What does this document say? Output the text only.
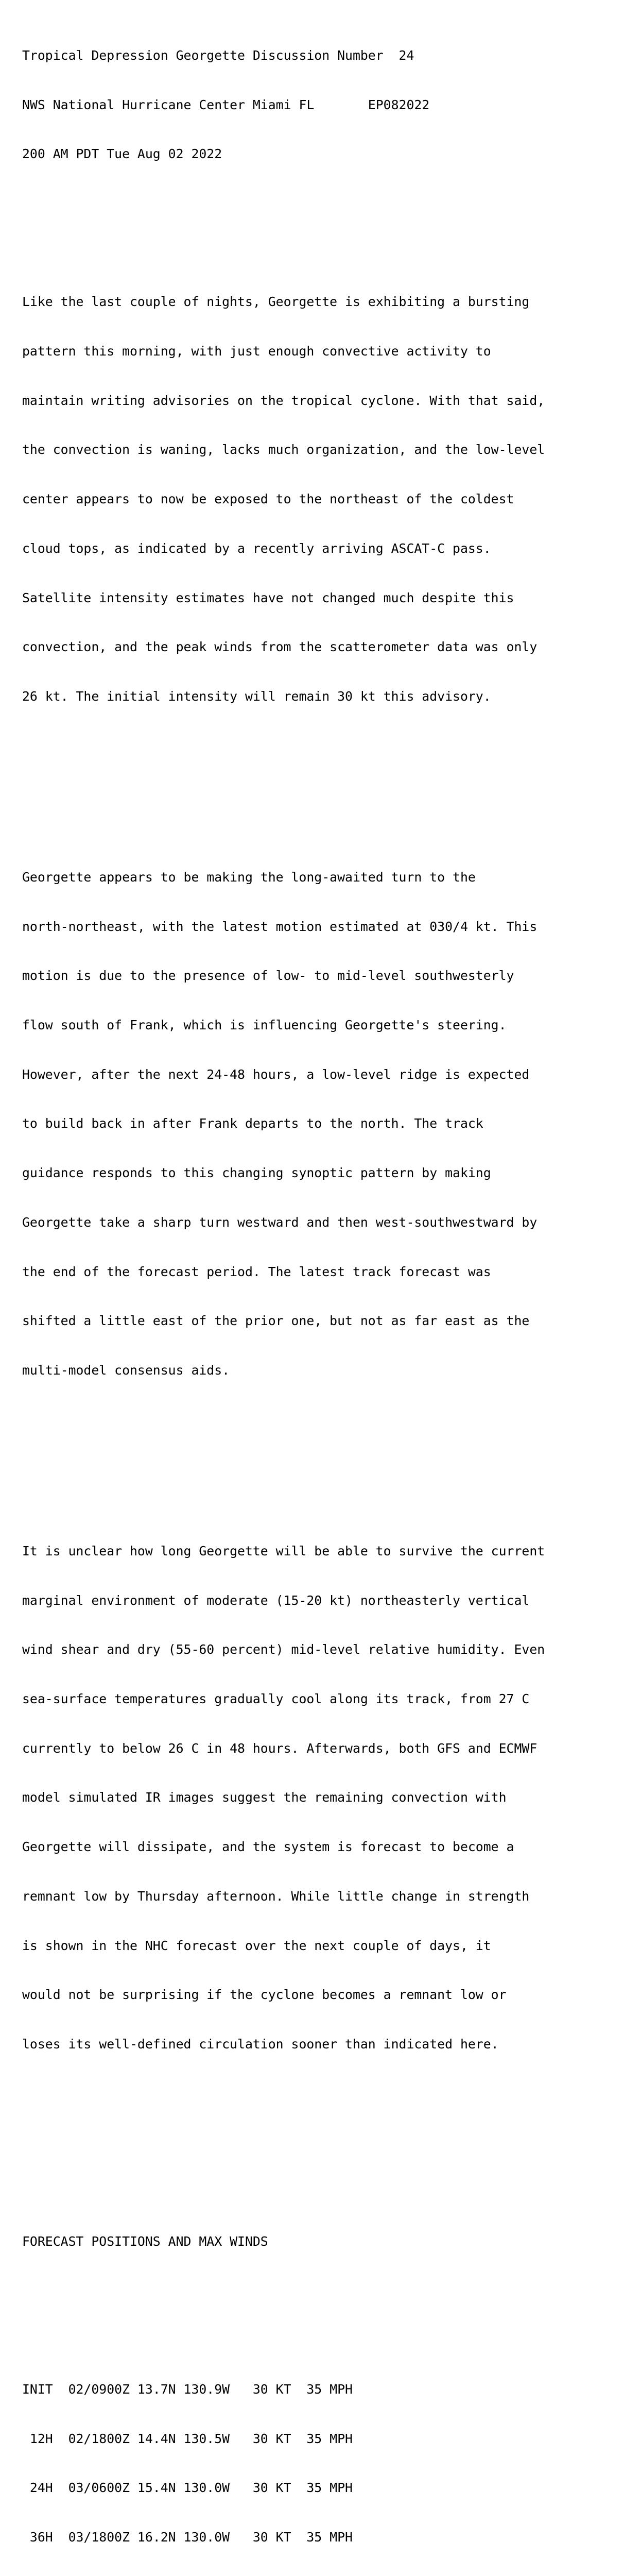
Tropical Depression Georgette Discussion Number  24

NWS National Hurricane Center Miami FL       EP082022

200 AM PDT Tue Aug 02 2022

Like the last couple of nights, Georgette is exhibiting a bursting

pattern this morning, with just enough convective activity to

maintain writing advisories on the tropical cyclone. With that said,

the convection is waning, lacks much organization, and the low-level

center appears to now be exposed to the northeast of the coldest

cloud tops, as indicated by a recently arriving ASCAT-C pass.

Satellite intensity estimates have not changed much despite this

convection, and the peak winds from the scatterometer data was only

26 kt. The initial intensity will remain 30 kt this advisory.

Georgette appears to be making the long-awaited turn to the

north-northeast, with the latest motion estimated at 030/4 kt. This

motion is due to the presence of low- to mid-level southwesterly

flow south of Frank, which is influencing Georgette's steering.

However, after the next 24-48 hours, a low-level ridge is expected

to build back in after Frank departs to the north. The track

guidance responds to this changing synoptic pattern by making

Georgette take a sharp turn westward and then west-southwestward by

the end of the forecast period. The latest track forecast was

shifted a little east of the prior one, but not as far east as the

multi-model consensus aids.

It is unclear how long Georgette will be able to survive the current

marginal environment of moderate (15-20 kt) northeasterly vertical

wind shear and dry (55-60 percent) mid-level relative humidity. Even

sea-surface temperatures gradually cool along its track, from 27 C

currently to below 26 C in 48 hours. Afterwards, both GFS and ECMWF

model simulated IR images suggest the remaining convection with

Georgette will dissipate, and the system is forecast to become a

remnant low by Thursday afternoon. While little change in strength

is shown in the NHC forecast over the next couple of days, it

would not be surprising if the cyclone becomes a remnant low or

loses its well-defined circulation sooner than indicated here.

FORECAST POSITIONS AND MAX WINDS

INIT  02/0900Z 13.7N 130.9W   30 KT  35 MPH

12H  02/1800Z 14.4N 130.5W   30 KT  35 MPH

24H  03/0600Z 15.4N 130.0W   30 KT  35 MPH

36H  03/1800Z 16.2N 130.0W   30 KT  35 MPH
